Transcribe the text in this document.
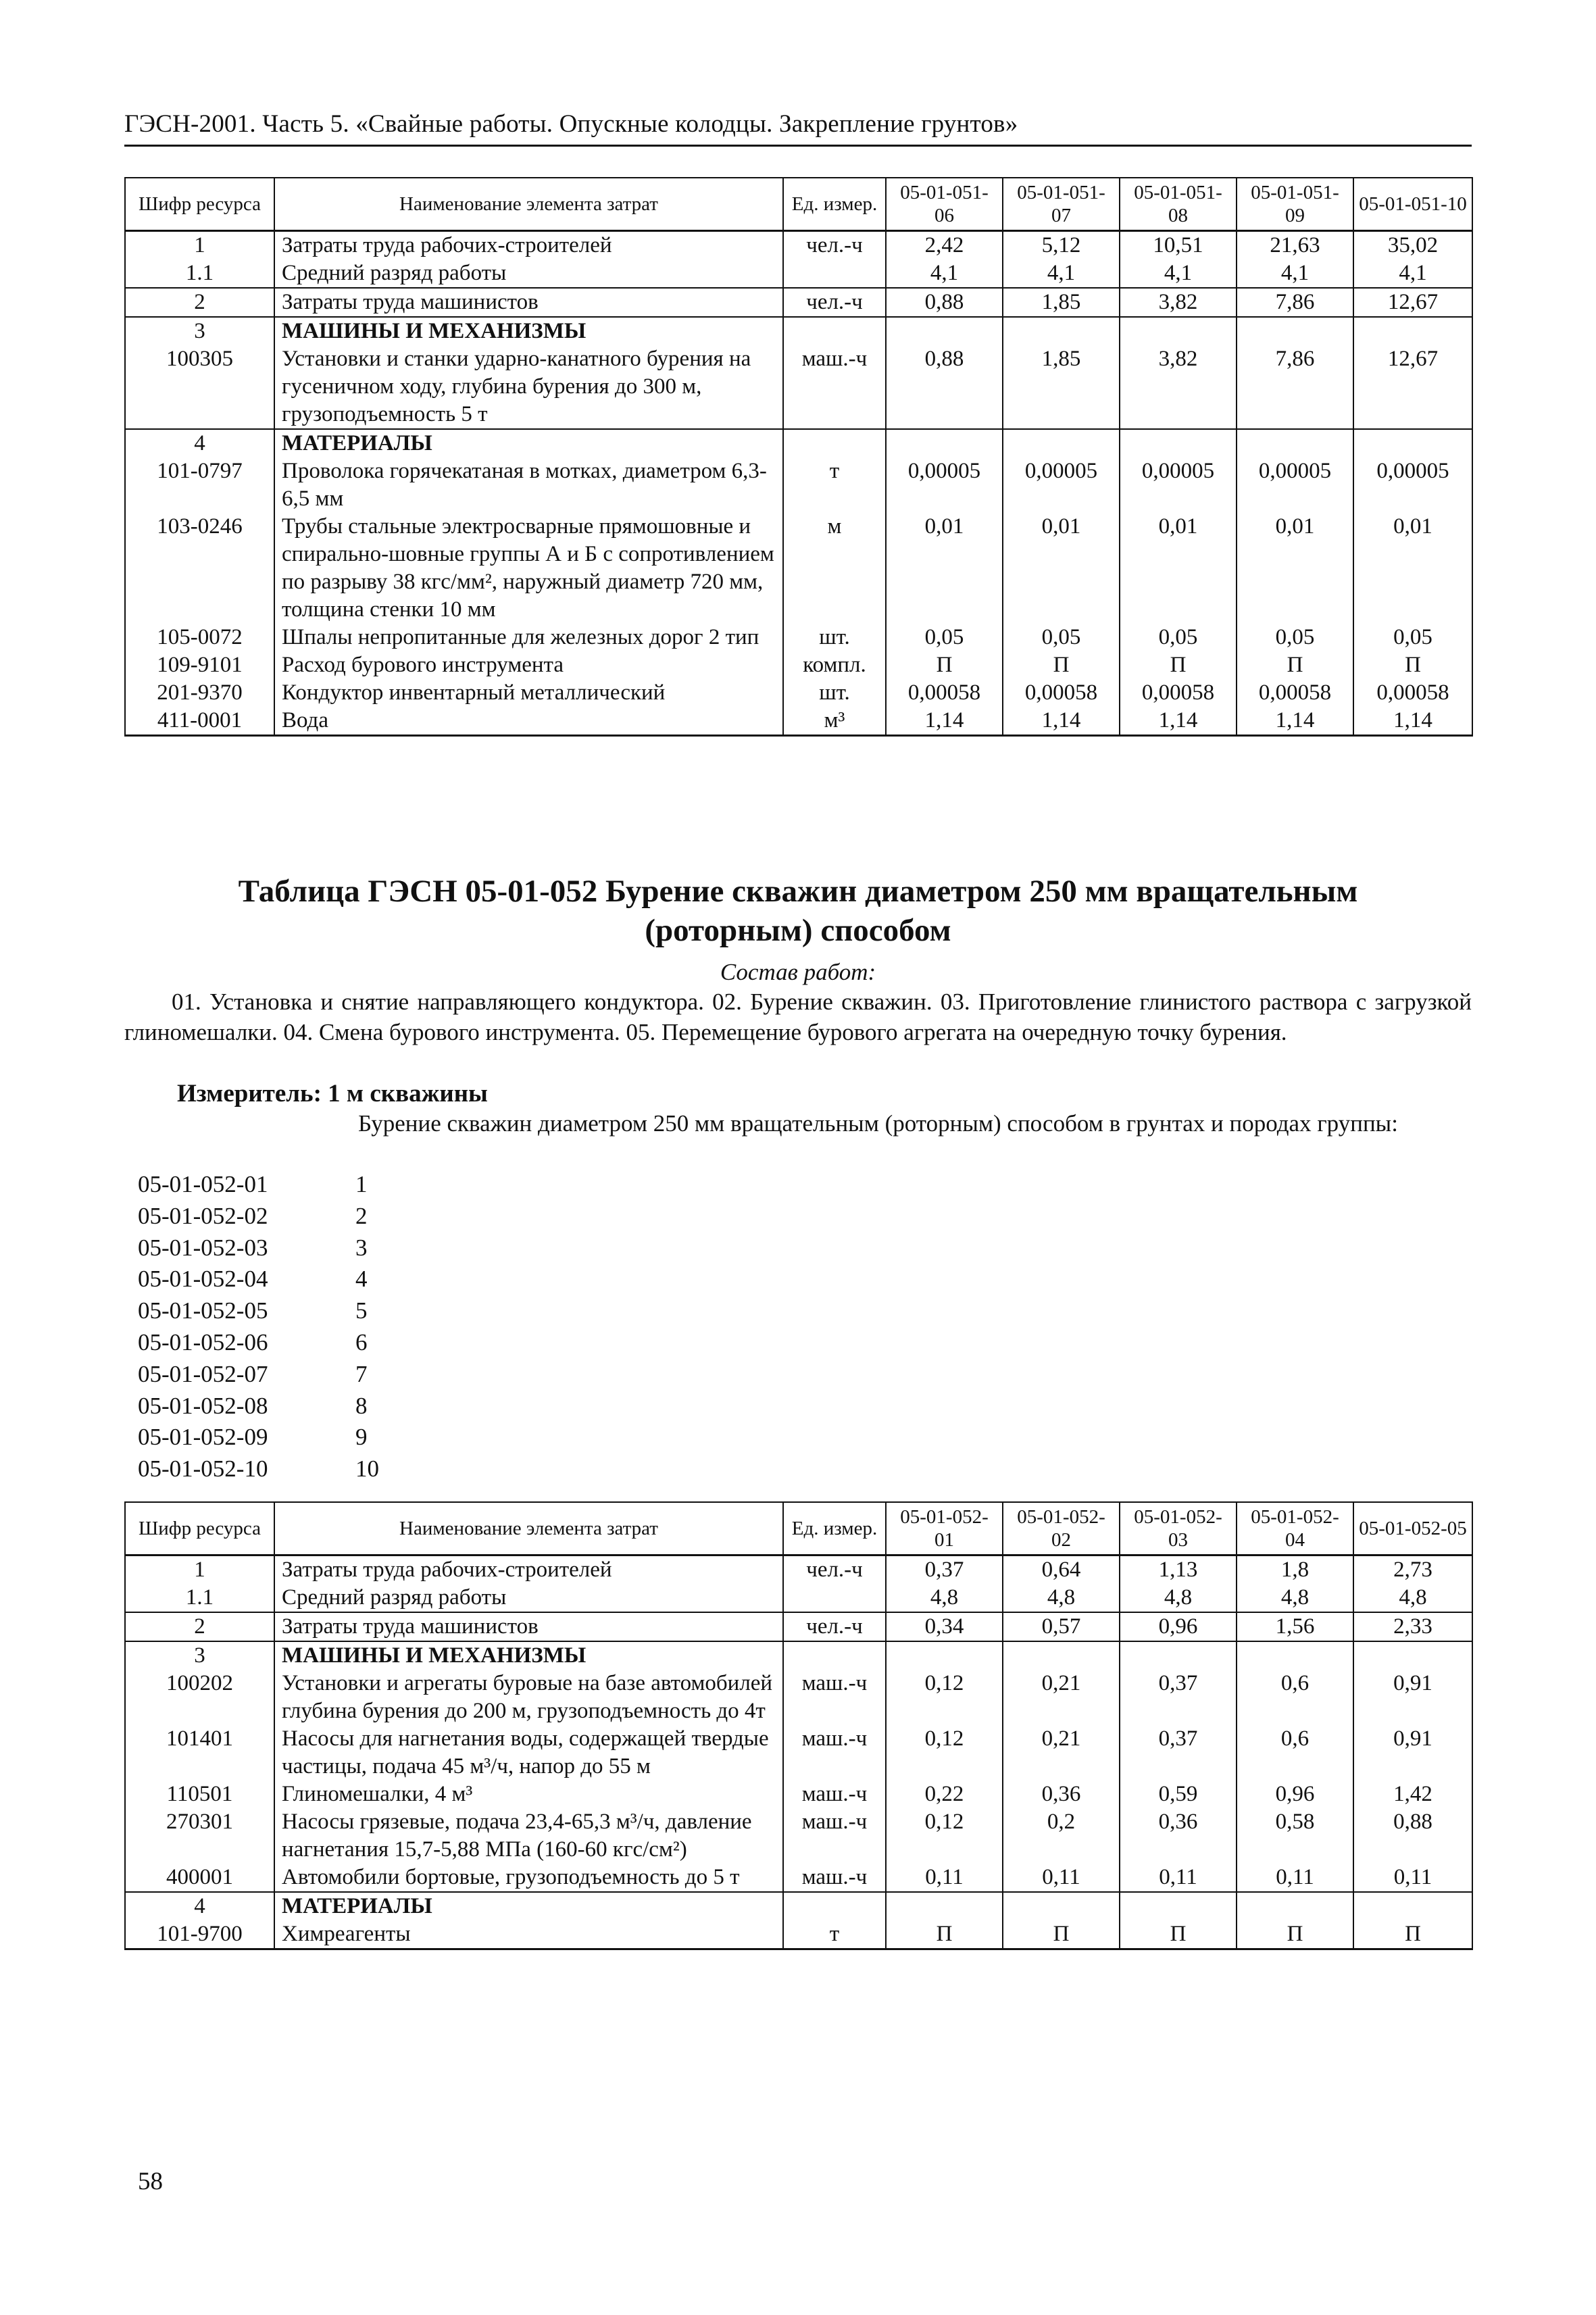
ГЭСН-2001. Часть 5. «Свайные работы. Опускные колодцы. Закрепление грунтов»
Шифр ресурса	Наименование элемента затрат	Ед. измер.	05-01-051-06	05-01-051-07	05-01-051-08	05-01-051-09	05-01-051-10
1	Затраты труда рабочих-строителей	чел.-ч	2,42	5,12	10,51	21,63	35,02
1.1	Средний разряд работы		4,1	4,1	4,1	4,1	4,1
2	Затраты труда машинистов	чел.-ч	0,88	1,85	3,82	7,86	12,67
3	МАШИНЫ И МЕХАНИЗМЫ						
100305	Установки и станки ударно-канатного бурения на гусеничном ходу, глубина бурения до 300 м, грузоподъемность 5 т	маш.-ч	0,88	1,85	3,82	7,86	12,67
4	МАТЕРИАЛЫ						
101-0797	Проволока горячекатаная в мотках, диаметром 6,3-6,5 мм	т	0,00005	0,00005	0,00005	0,00005	0,00005
103-0246	Трубы стальные электросварные прямошовные и спирально-шовные группы А и Б с сопротивлением по разрыву 38 кгс/мм², наружный диаметр 720 мм, толщина стенки 10 мм	м	0,01	0,01	0,01	0,01	0,01
105-0072	Шпалы непропитанные для железных дорог 2 тип	шт.	0,05	0,05	0,05	0,05	0,05
109-9101	Расход бурового инструмента	компл.	П	П	П	П	П
201-9370	Кондуктор инвентарный металлический	шт.	0,00058	0,00058	0,00058	0,00058	0,00058
411-0001	Вода	м³	1,14	1,14	1,14	1,14	1,14
Таблица ГЭСН 05-01-052 Бурение скважин диаметром 250 мм вращательным
(роторным) способом
Состав работ:
01. Установка и снятие направляющего кондуктора. 02. Бурение скважин. 03. Приготовление глинистого раствора с загрузкой глиномешалки. 04. Смена бурового инструмента. 05. Перемещение бурового агрегата на очередную точку бурения.
Измеритель: 1 м скважины
Бурение скважин диаметром 250 мм вращательным (роторным) способом в грунтах и породах группы:
05-01-052-01	1
05-01-052-02	2
05-01-052-03	3
05-01-052-04	4
05-01-052-05	5
05-01-052-06	6
05-01-052-07	7
05-01-052-08	8
05-01-052-09	9
05-01-052-10	10
Шифр ресурса	Наименование элемента затрат	Ед. измер.	05-01-052-01	05-01-052-02	05-01-052-03	05-01-052-04	05-01-052-05
1	Затраты труда рабочих-строителей	чел.-ч	0,37	0,64	1,13	1,8	2,73
1.1	Средний разряд работы		4,8	4,8	4,8	4,8	4,8
2	Затраты труда машинистов	чел.-ч	0,34	0,57	0,96	1,56	2,33
3	МАШИНЫ И МЕХАНИЗМЫ						
100202	Установки и агрегаты буровые на базе автомобилей глубина бурения до 200 м, грузоподъемность до 4т	маш.-ч	0,12	0,21	0,37	0,6	0,91
101401	Насосы для нагнетания воды, содержащей твердые частицы, подача 45 м³/ч, напор до 55 м	маш.-ч	0,12	0,21	0,37	0,6	0,91
110501	Глиномешалки, 4 м³	маш.-ч	0,22	0,36	0,59	0,96	1,42
270301	Насосы грязевые, подача 23,4-65,3 м³/ч, давление нагнетания 15,7-5,88 МПа (160-60 кгс/см²)	маш.-ч	0,12	0,2	0,36	0,58	0,88
400001	Автомобили бортовые, грузоподъемность до 5 т	маш.-ч	0,11	0,11	0,11	0,11	0,11
4	МАТЕРИАЛЫ						
101-9700	Химреагенты	т	П	П	П	П	П
58
